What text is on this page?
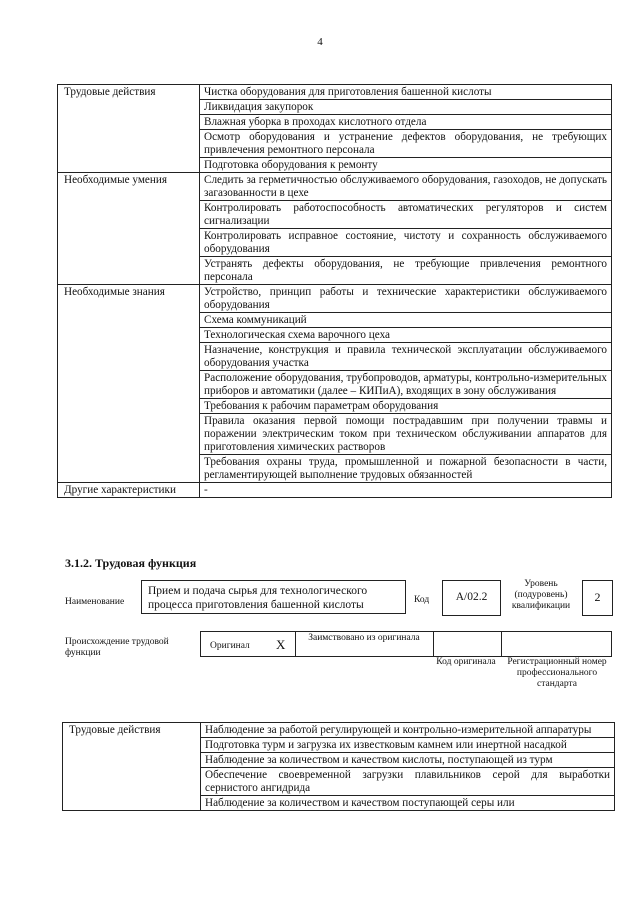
4
Трудовые действия	Чистка оборудования для приготовления башенной кислоты
	Ликвидация закупорок
	Влажная уборка в проходах кислотного отдела
	Осмотр оборудования и устранение дефектов оборудования, не требующих привлечения ремонтного персонала
	Подготовка оборудования к ремонту
Необходимые умения	Следить за герметичностью обслуживаемого оборудования, газоходов, не допускать загазованности в цехе
	Контролировать работоспособность автоматических регуляторов и систем сигнализации
	Контролировать исправное состояние, чистоту и сохранность обслуживаемого оборудования
	Устранять дефекты оборудования, не требующие привлечения ремонтного персонала
Необходимые знания	Устройство, принцип работы и технические характеристики обслуживаемого оборудования
	Схема коммуникаций
	Технологическая схема варочного цеха
	Назначение, конструкция и правила технической эксплуатации обслуживаемого оборудования участка
	Расположение оборудования, трубопроводов, арматуры, контрольно-измерительных приборов и автоматики (далее – КИПиА), входящих в зону обслуживания
	Требования к рабочим параметрам оборудования
	Правила оказания первой помощи пострадавшим при получении травмы и поражении электрическим током при техническом обслуживании аппаратов для приготовления химических растворов
	Требования охраны труда, промышленной и пожарной безопасности в части, регламентирующей выполнение трудовых обязанностей
Другие характеристики	-
3.1.2. Трудовая функция
Наименование
Прием и подача сырья для технологического процесса приготовления башенной кислоты	Код	А/02.2
Уровень (подуровень) квалификации
2
Происхождение трудовой функции
Оригинал X	Заимствовано из оригинала
Код оригинала	Регистрационный номер профессионального стандарта
Трудовые действия	Наблюдение за работой регулирующей и контрольно-измерительной аппаратуры
	Подготовка турм и загрузка их известковым камнем или инертной насадкой
	Наблюдение за количеством и качеством кислоты, поступающей из турм
	Обеспечение своевременной загрузки плавильников серой для выработки сернистого ангидрида
	Наблюдение за количеством и качеством поступающей серы или
